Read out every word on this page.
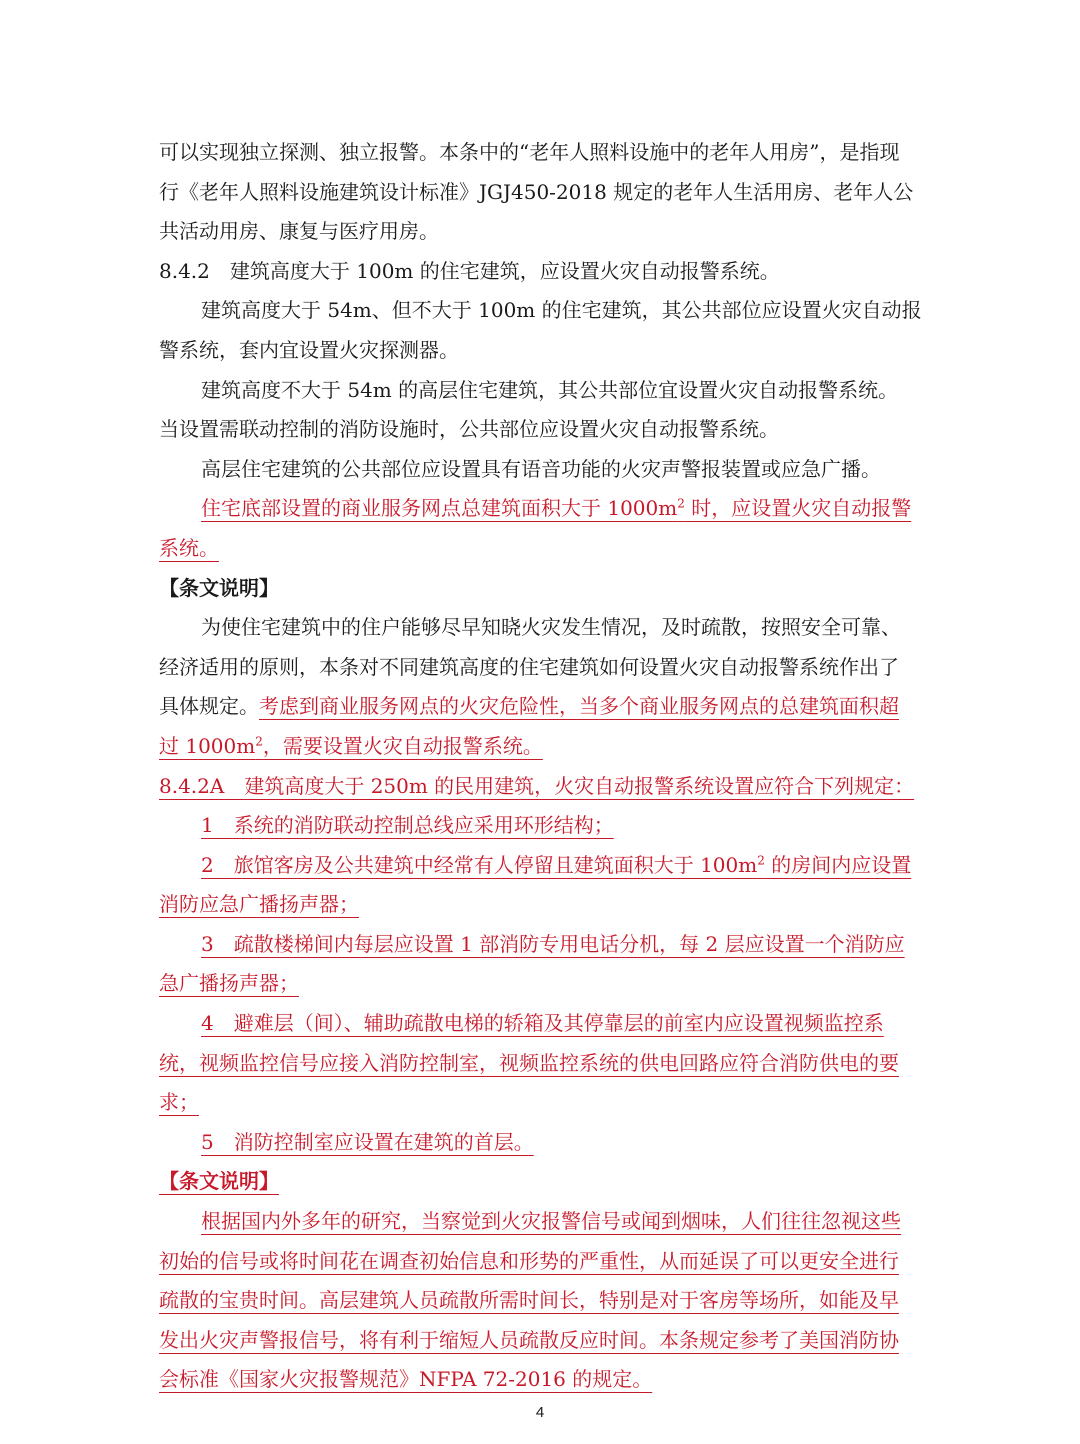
可以实现独立探测、独立报警。本条中的“老年人照料设施中的老年人用房”，是指现
行《老年人照料设施建筑设计标准》JGJ450-2018 规定的老年人生活用房、老年人公
共活动用房、康复与医疗用房。
8.4.2　建筑高度大于 100m 的住宅建筑，应设置火灾自动报警系统。
建筑高度大于 54m、但不大于 100m 的住宅建筑，其公共部位应设置火灾自动报
警系统，套内宜设置火灾探测器。
建筑高度不大于 54m 的高层住宅建筑，其公共部位宜设置火灾自动报警系统。
当设置需联动控制的消防设施时，公共部位应设置火灾自动报警系统。
高层住宅建筑的公共部位应设置具有语音功能的火灾声警报装置或应急广播。
住宅底部设置的商业服务网点总建筑面积大于 $1000m^2$ 时，应设置火灾自动报警
系统。
【条文说明】
为使住宅建筑中的住户能够尽早知晓火灾发生情况，及时疏散，按照安全可靠、
经济适用的原则，本条对不同建筑高度的住宅建筑如何设置火灾自动报警系统作出了
具体规定。考虑到商业服务网点的火灾危险性，当多个商业服务网点的总建筑面积超
过 $1000m^2$，需要设置火灾自动报警系统。
8.4.2A　建筑高度大于 250m 的民用建筑，火灾自动报警系统设置应符合下列规定：
1　系统的消防联动控制总线应采用环形结构；
2　旅馆客房及公共建筑中经常有人停留且建筑面积大于 $100m^2$ 的房间内应设置
消防应急广播扬声器；
3　疏散楼梯间内每层应设置 1 部消防专用电话分机，每 2 层应设置一个消防应
急广播扬声器；
4　避难层（间）、辅助疏散电梯的轿箱及其停靠层的前室内应设置视频监控系
统，视频监控信号应接入消防控制室，视频监控系统的供电回路应符合消防供电的要
求；
5　消防控制室应设置在建筑的首层。
【条文说明】
根据国内外多年的研究，当察觉到火灾报警信号或闻到烟味，人们往往忽视这些
初始的信号或将时间花在调查初始信息和形势的严重性，从而延误了可以更安全进行
疏散的宝贵时间。高层建筑人员疏散所需时间长，特别是对于客房等场所，如能及早
发出火灾声警报信号，将有利于缩短人员疏散反应时间。本条规定参考了美国消防协
会标准《国家火灾报警规范》NFPA 72-2016 的规定。
4
